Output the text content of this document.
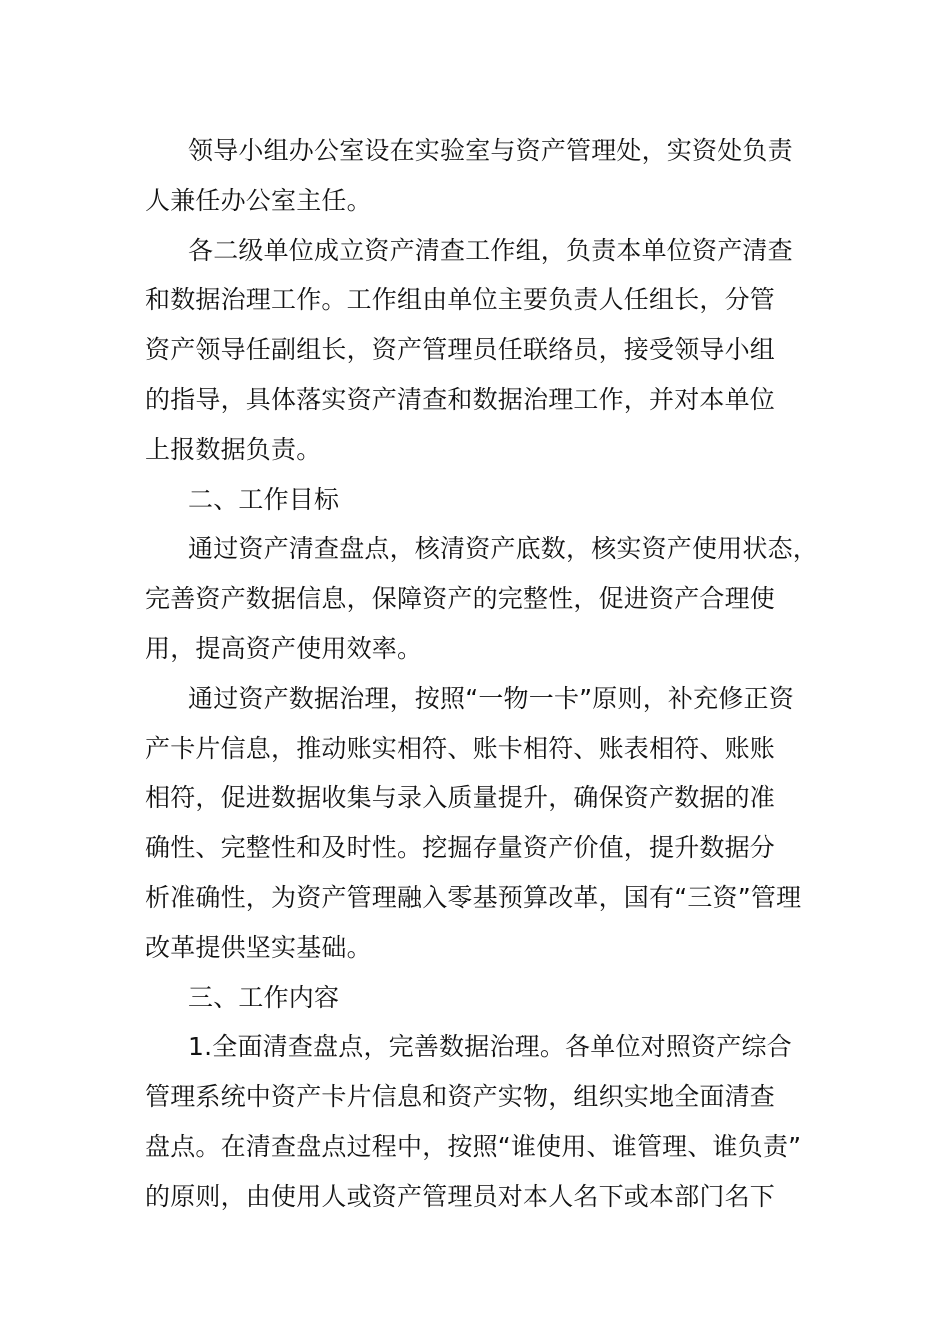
领导小组办公室设在实验室与资产管理处，实资处负责
人兼任办公室主任。
各二级单位成立资产清查工作组，负责本单位资产清查
和数据治理工作。工作组由单位主要负责人任组长，分管
资产领导任副组长，资产管理员任联络员，接受领导小组
的指导，具体落实资产清查和数据治理工作，并对本单位
上报数据负责。
二、工作目标
通过资产清查盘点，核清资产底数，核实资产使用状态，
完善资产数据信息，保障资产的完整性，促进资产合理使
用，提高资产使用效率。
通过资产数据治理，按照“一物一卡”原则，补充修正资
产卡片信息，推动账实相符、账卡相符、账表相符、账账
相符，促进数据收集与录入质量提升，确保资产数据的准
确性、完整性和及时性。挖掘存量资产价值，提升数据分
析准确性，为资产管理融入零基预算改革，国有“三资”管理
改革提供坚实基础。
三、工作内容
1.全面清查盘点，完善数据治理。各单位对照资产综合
管理系统中资产卡片信息和资产实物，组织实地全面清查
盘点。在清查盘点过程中，按照“谁使用、谁管理、谁负责”
的原则，由使用人或资产管理员对本人名下或本部门名下
